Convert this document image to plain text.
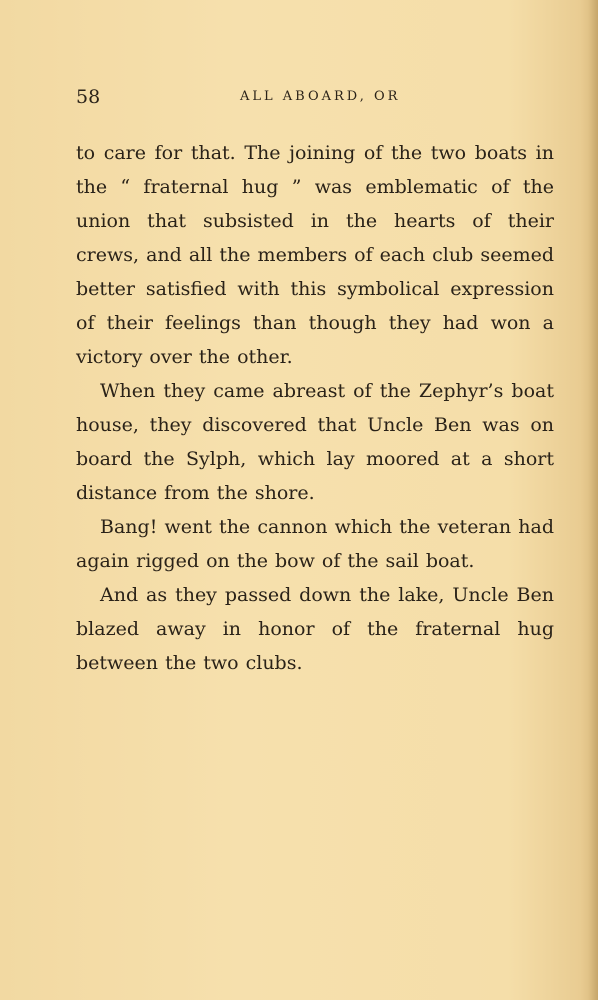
58	ALL ABOARD, OR

to care for that. The joining of the two boats in the “ fraternal hug ” was emblematic of the union that subsisted in the hearts of their crews, and all the members of each club seemed better satisfied with this symbolical expression of their feelings than though they had won a victory over the other.

When they came abreast of the Zephyr’s boat house, they discovered that Uncle Ben was on board the Sylph, which lay moored at a short distance from the shore.

Bang! went the cannon which the veteran had again rigged on the bow of the sail boat.

And as they passed down the lake, Uncle Ben blazed away in honor of the fraternal hug between the two clubs.
